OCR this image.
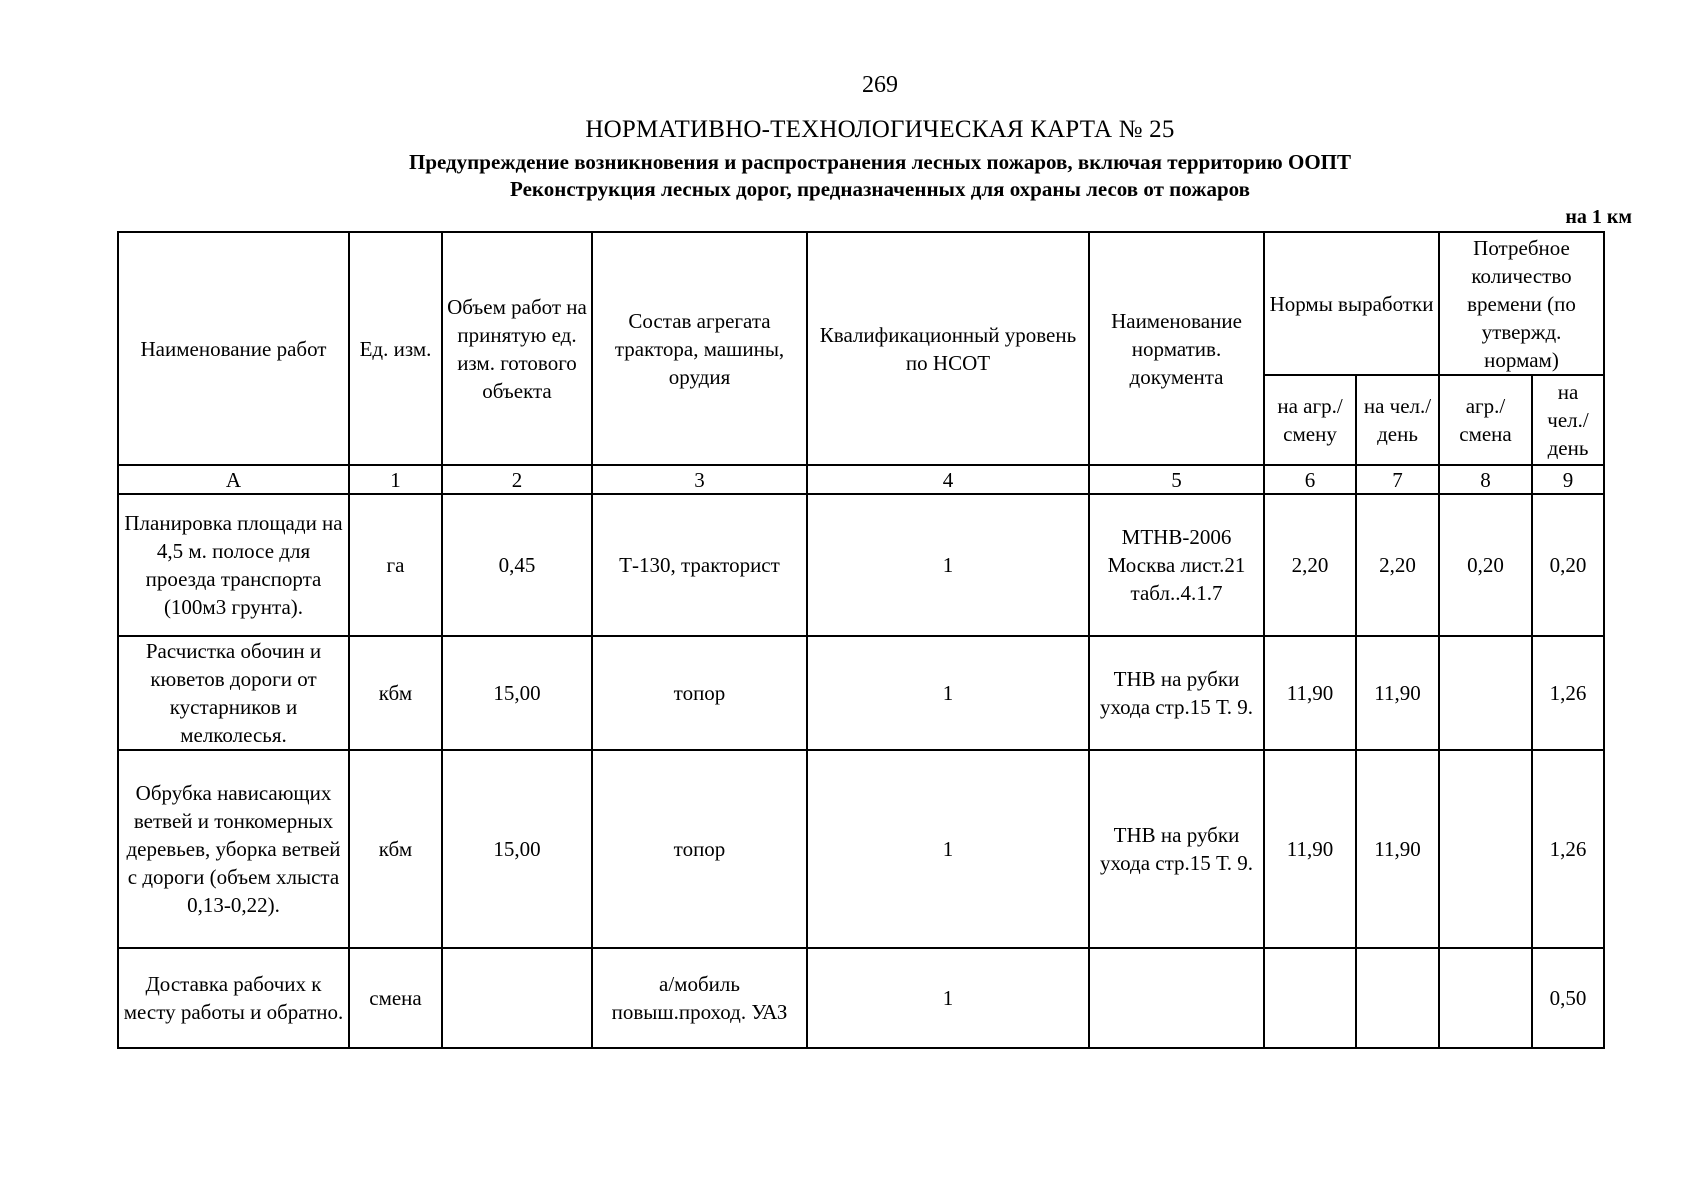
269
НОРМАТИВНО-ТЕХНОЛОГИЧЕСКАЯ КАРТА № 25
Предупреждение возникновения и распространения лесных пожаров, включая территорию ООПТ
Реконструкция лесных дорог, предназначенных для охраны лесов от пожаров
на 1 км
Наименование работ	Ед. изм.	Объем работ на принятую ед. изм. готового объекта	Состав агрегата трактора, машины, орудия	Квалификационный уровень по НСОТ	Наименование норматив. документа	Нормы выработки		Потребное количество времени (по утвержд. нормам)	
						на агр./ смену	на чел./ день	агр./ смена	на чел./ день
А	1	2	3	4	5	6	7	8	9
Планировка площади на 4,5 м. полосе для проезда транспорта (100м3 грунта).	га	0,45	Т-130, тракторист	1	МТНВ-2006 Москва лист.21 табл..4.1.7	2,20	2,20	0,20	0,20
Расчистка обочин и кюветов дороги от кустарников и мелколесья.	кбм	15,00	топор	1	ТНВ на рубки ухода стр.15 Т. 9.	11,90	11,90		1,26
Обрубка нависающих ветвей и тонкомерных деревьев, уборка ветвей с дороги (объем хлыста 0,13-0,22).	кбм	15,00	топор	1	ТНВ на рубки ухода стр.15 Т. 9.	11,90	11,90		1,26
Доставка рабочих к месту работы и обратно.	смена		а/мобиль повыш.проход. УАЗ	1					0,50
